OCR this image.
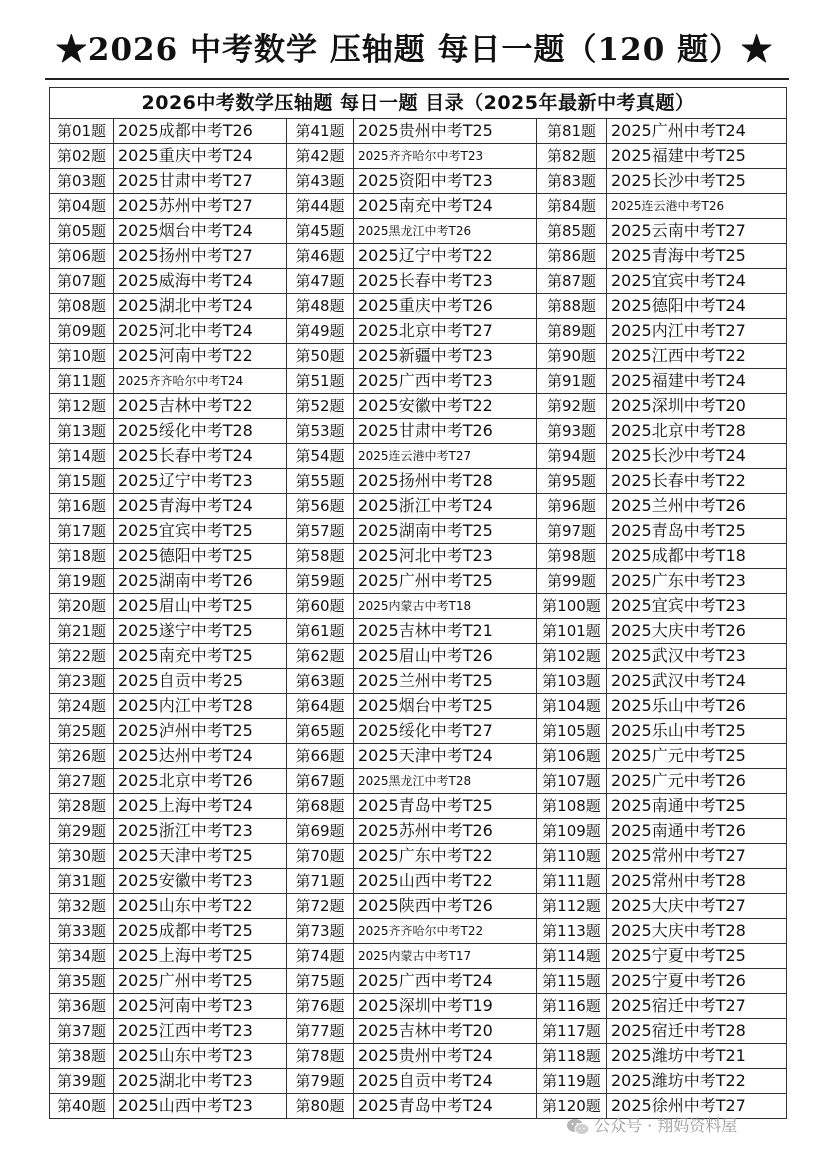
★2026 中考数学 压轴题 每日一题（120 题）★
2026中考数学压轴题 每日一题 目录（2025年最新中考真题）					
第01题	2025成都中考T26	第41题	2025贵州中考T25	第81题	2025广州中考T24
第02题	2025重庆中考T24	第42题	2025齐齐哈尔中考T23	第82题	2025福建中考T25
第03题	2025甘肃中考T27	第43题	2025资阳中考T23	第83题	2025长沙中考T25
第04题	2025苏州中考T27	第44题	2025南充中考T24	第84题	2025连云港中考T26
第05题	2025烟台中考T24	第45题	2025黑龙江中考T26	第85题	2025云南中考T27
第06题	2025扬州中考T27	第46题	2025辽宁中考T22	第86题	2025青海中考T25
第07题	2025威海中考T24	第47题	2025长春中考T23	第87题	2025宜宾中考T24
第08题	2025湖北中考T24	第48题	2025重庆中考T26	第88题	2025德阳中考T24
第09题	2025河北中考T24	第49题	2025北京中考T27	第89题	2025内江中考T27
第10题	2025河南中考T22	第50题	2025新疆中考T23	第90题	2025江西中考T22
第11题	2025齐齐哈尔中考T24	第51题	2025广西中考T23	第91题	2025福建中考T24
第12题	2025吉林中考T22	第52题	2025安徽中考T22	第92题	2025深圳中考T20
第13题	2025绥化中考T28	第53题	2025甘肃中考T26	第93题	2025北京中考T28
第14题	2025长春中考T24	第54题	2025连云港中考T27	第94题	2025长沙中考T24
第15题	2025辽宁中考T23	第55题	2025扬州中考T28	第95题	2025长春中考T22
第16题	2025青海中考T24	第56题	2025浙江中考T24	第96题	2025兰州中考T26
第17题	2025宜宾中考T25	第57题	2025湖南中考T25	第97题	2025青岛中考T25
第18题	2025德阳中考T25	第58题	2025河北中考T23	第98题	2025成都中考T18
第19题	2025湖南中考T26	第59题	2025广州中考T25	第99题	2025广东中考T23
第20题	2025眉山中考T25	第60题	2025内蒙古中考T18	第100题	2025宜宾中考T23
第21题	2025遂宁中考T25	第61题	2025吉林中考T21	第101题	2025大庆中考T26
第22题	2025南充中考T25	第62题	2025眉山中考T26	第102题	2025武汉中考T23
第23题	2025自贡中考25	第63题	2025兰州中考T25	第103题	2025武汉中考T24
第24题	2025内江中考T28	第64题	2025烟台中考T25	第104题	2025乐山中考T26
第25题	2025泸州中考T25	第65题	2025绥化中考T27	第105题	2025乐山中考T25
第26题	2025达州中考T24	第66题	2025天津中考T24	第106题	2025广元中考T25
第27题	2025北京中考T26	第67题	2025黑龙江中考T28	第107题	2025广元中考T26
第28题	2025上海中考T24	第68题	2025青岛中考T25	第108题	2025南通中考T25
第29题	2025浙江中考T23	第69题	2025苏州中考T26	第109题	2025南通中考T26
第30题	2025天津中考T25	第70题	2025广东中考T22	第110题	2025常州中考T27
第31题	2025安徽中考T23	第71题	2025山西中考T22	第111题	2025常州中考T28
第32题	2025山东中考T22	第72题	2025陕西中考T26	第112题	2025大庆中考T27
第33题	2025成都中考T25	第73题	2025齐齐哈尔中考T22	第113题	2025大庆中考T28
第34题	2025上海中考T25	第74题	2025内蒙古中考T17	第114题	2025宁夏中考T25
第35题	2025广州中考T25	第75题	2025广西中考T24	第115题	2025宁夏中考T26
第36题	2025河南中考T23	第76题	2025深圳中考T19	第116题	2025宿迁中考T27
第37题	2025江西中考T23	第77题	2025吉林中考T20	第117题	2025宿迁中考T28
第38题	2025山东中考T23	第78题	2025贵州中考T24	第118题	2025潍坊中考T21
第39题	2025湖北中考T23	第79题	2025自贡中考T24	第119题	2025潍坊中考T22
第40题	2025山西中考T23	第80题	2025青岛中考T24	第120题	2025徐州中考T27
公众号 · 翔妈资料屋
